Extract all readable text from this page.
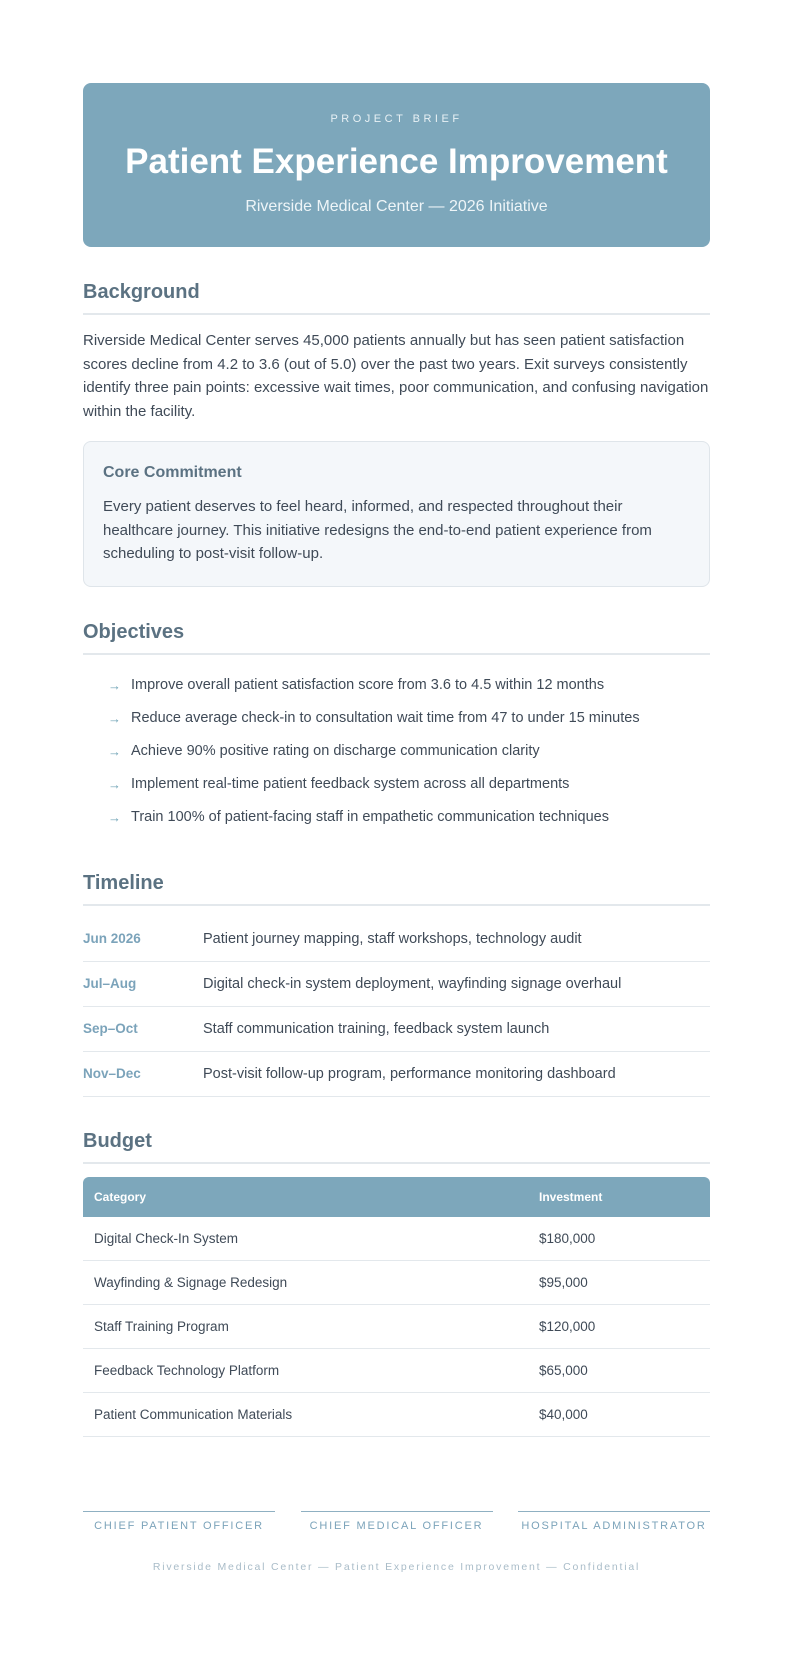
PROJECT BRIEF
Patient Experience Improvement
Riverside Medical Center — 2026 Initiative
Background
Riverside Medical Center serves 45,000 patients annually but has seen patient satisfaction scores decline from 4.2 to 3.6 (out of 5.0) over the past two years. Exit surveys consistently identify three pain points: excessive wait times, poor communication, and confusing navigation within the facility.
Core Commitment
Every patient deserves to feel heard, informed, and respected throughout their healthcare journey. This initiative redesigns the end-to-end patient experience from scheduling to post-visit follow-up.
Objectives
→ Improve overall patient satisfaction score from 3.6 to 4.5 within 12 months
→ Reduce average check-in to consultation wait time from 47 to under 15 minutes
→ Achieve 90% positive rating on discharge communication clarity
→ Implement real-time patient feedback system across all departments
→ Train 100% of patient-facing staff in empathetic communication techniques
Timeline
Jun 2026	Patient journey mapping, staff workshops, technology audit
Jul–Aug	Digital check-in system deployment, wayfinding signage overhaul
Sep–Oct	Staff communication training, feedback system launch
Nov–Dec	Post-visit follow-up program, performance monitoring dashboard
Budget
Category	Investment
Digital Check-In System	$180,000
Wayfinding & Signage Redesign	$95,000
Staff Training Program	$120,000
Feedback Technology Platform	$65,000
Patient Communication Materials	$40,000
CHIEF PATIENT OFFICER	CHIEF MEDICAL OFFICER	HOSPITAL ADMINISTRATOR
Riverside Medical Center — Patient Experience Improvement — Confidential
